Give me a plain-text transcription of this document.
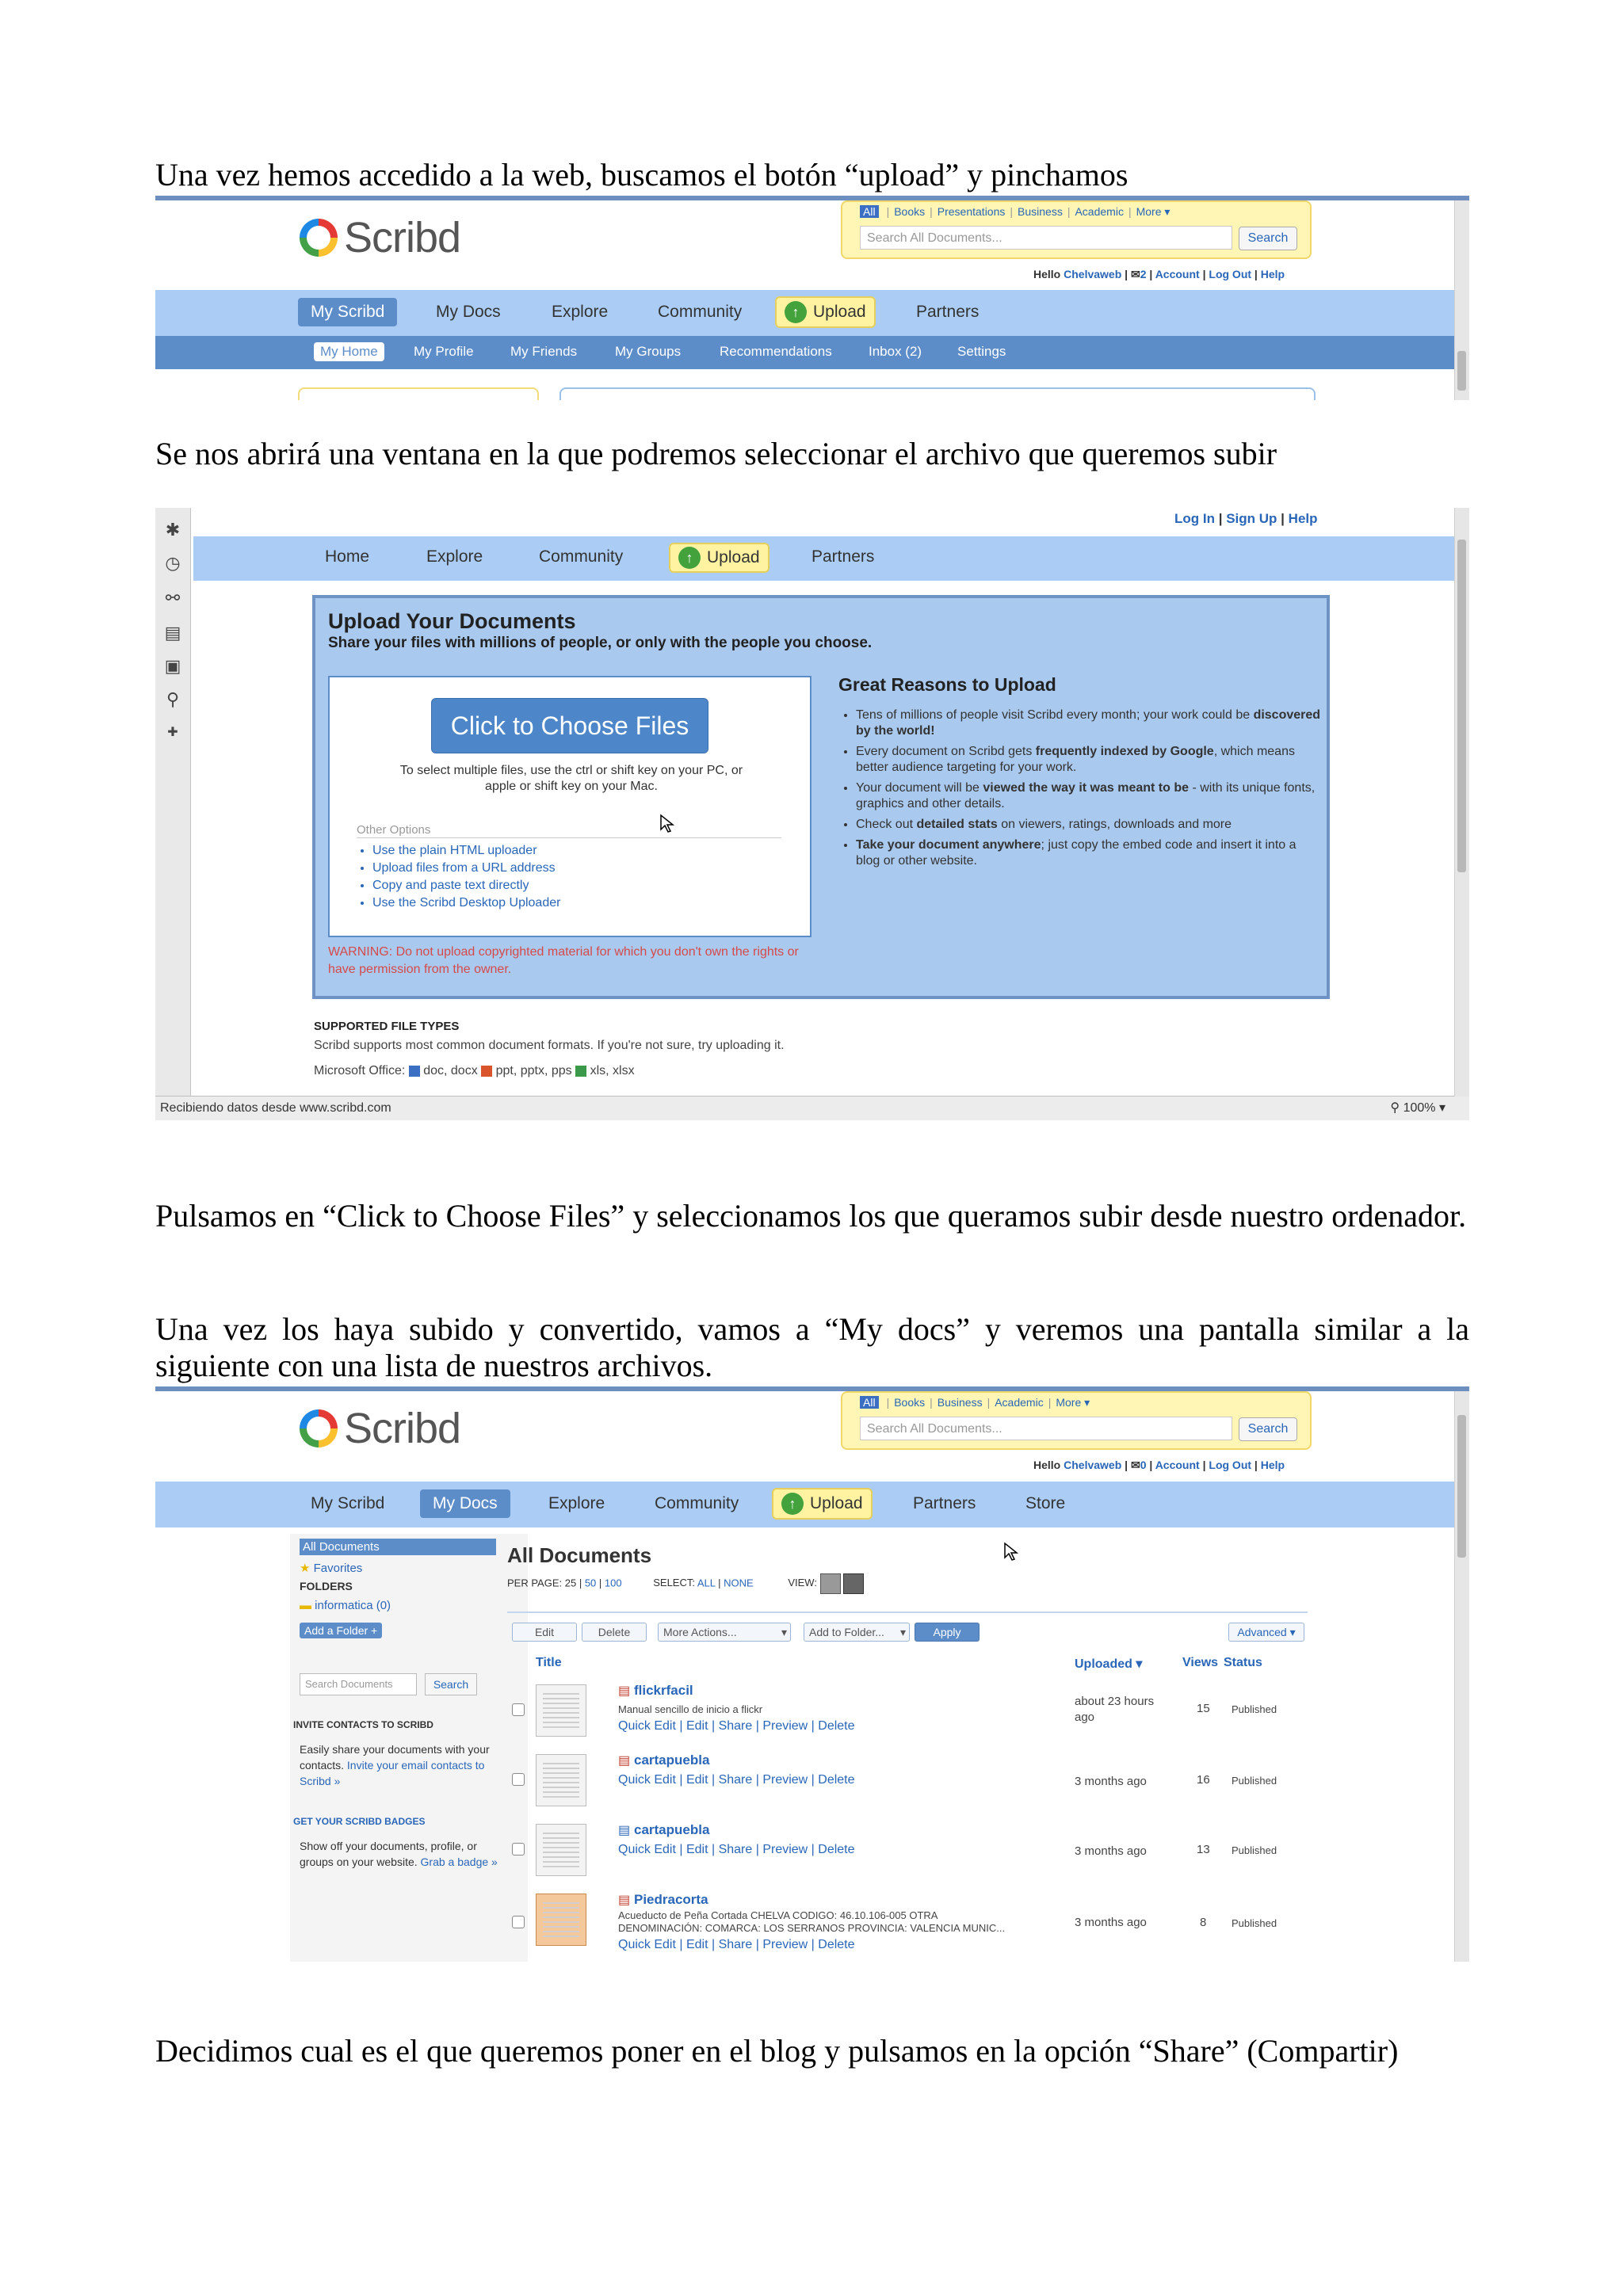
Una vez hemos accedido a la web, buscamos el botón “upload” y pinchamos

Scribd
All | Books | Presentations | Business | Academic | More ▾
Search All Documents...	Search
Hello Chelvaweb | ✉2 | Account | Log Out | Help
My Scribd	My Docs	Explore	Community	↑ Upload	Partners
My Home	My Profile	My Friends	My Groups	Recommendations	Inbox (2)	Settings

Se nos abrirá una ventana en la que podremos seleccionar el archivo que queremos subir

✱
◷
⚯
▤
▣
⚲
✚
Log In | Sign Up | Help
Home	Explore	Community	↑ Upload	Partners
Upload Your Documents
Share your files with millions of people, or only with the people you choose.
Click to Choose Files
To select multiple files, use the ctrl or shift key on your PC, or apple or shift key on your Mac.
Other Options
• Use the plain HTML uploader
• Upload files from a URL address
• Copy and paste text directly
• Use the Scribd Desktop Uploader
Great Reasons to Upload
• Tens of millions of people visit Scribd every month; your work could be discovered by the world!
• Every document on Scribd gets frequently indexed by Google, which means better audience targeting for your work.
• Your document will be viewed the way it was meant to be - with its unique fonts, graphics and other details.
• Check out detailed stats on viewers, ratings, downloads and more
• Take your document anywhere; just copy the embed code and insert it into a blog or other website.
WARNING: Do not upload copyrighted material for which you don't own the rights or have permission from the owner.
SUPPORTED FILE TYPES
Scribd supports most common document formats. If you're not sure, try uploading it.
Microsoft Office: doc, docx ppt, pptx, pps xls, xlsx
Recibiendo datos desde www.scribd.com	⚲ 100% ▾

Pulsamos en “Click to Choose Files” y seleccionamos los que queramos subir desde nuestro ordenador.

Una vez los haya subido y convertido, vamos a “My docs” y veremos una pantalla similar a la siguiente con una lista de nuestros archivos.

Scribd
All | Books | Business | Academic | More ▾
Search All Documents...	Search
Hello Chelvaweb | ✉0 | Account | Log Out | Help
My Scribd	My Docs	Explore	Community	↑ Upload	Partners	Store
All Documents
★ Favorites
FOLDERS
▬ informatica (0)
Add a Folder +
Search Documents	Search
INVITE CONTACTS TO SCRIBD
Easily share your documents with your contacts. Invite your email contacts to Scribd »
GET YOUR SCRIBD BADGES
Show off your documents, profile, or groups on your website. Grab a badge »
All Documents
PER PAGE: 25 | 50 | 100	SELECT: ALL | NONE	VIEW:
Edit	Delete	More Actions...	▾	Add to Folder... ▾	Apply	Advanced ▾
Title	Uploaded ▾	Views Status
▤ flickrfacil
Manual sencillo de inicio a flickr
Quick Edit | Edit | Share | Preview | Delete
about 23 hours ago
15 Published
▤ cartapuebla
Quick Edit | Edit | Share | Preview | Delete	3 months ago	16 Published
▤ cartapuebla
Quick Edit | Edit | Share | Preview | Delete	3 months ago	13 Published
▤ Piedracorta
Acueducto de Peña Cortada CHELVA CODIGO: 46.10.106-005 OTRA
DENOMINACIÓN: COMARCA: LOS SERRANOS PROVINCIA: VALENCIA MUNIC...
Quick Edit | Edit | Share | Preview | Delete
3 months ago	8 Published

Decidimos cual es el que queremos poner en el blog y pulsamos en la opción “Share” (Compartir)
